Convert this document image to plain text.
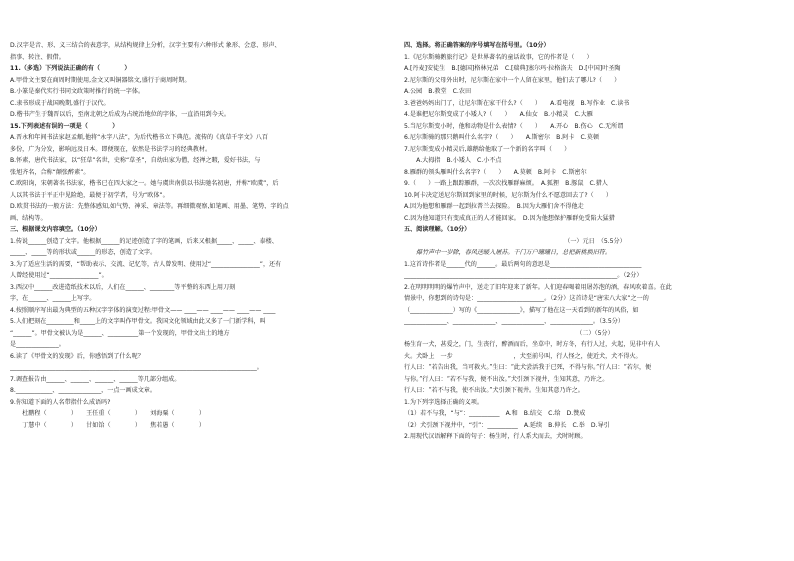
D.汉字是音、形、义三结合的表意字，从结构规律上分析，汉字主要有六种形式 象形、会意、形声、
指事、转注、假借。
11.（多选）下列说法正确的有（　　　　）
A.甲骨文主要在商周时期使用,金文又叫铜器铭文,盛行于商周时期。
B.小篆是秦代实行书同文政策时推行的统一字体。
C.隶书形成于战国晚期,盛行于汉代。
D.楷书产生于魏晋以后，至南北朝之后成为占统治地位的字体，一直沿用到今天。
15.下列表述有误的一项是（　　　　）
A.晋永和年间书法家赵孟頫,他将“永字八法”，为后代楷书立下典范。流传的《真草千字文》八百
多份，广为分发，影响远及日本。即便现在，依然是书法学习的经典教材。
B.怀素，唐代书法家，以“狂草”名世，史称“草圣”，自幼出家为僧，经禅之暇，爱好书法，与
张旭齐名，合称“颠张醉素”。
C.欧阳询，宋朝著名书法家，楷书已在四大家之一。她与虞世南俱以书法驰名初唐，并称“欧虞”，后
人以其书法于平正中见险绝，最便于初学者，号为“欧体”。
D.欧贯书法的一般方法：先整体感知,如气势、神采、章法等。再细微观察,如笔画、用墨、笔势、字的点
画、结构等。
三、根据课文内容填空。（10分）
1.传说______创造了文字。他根据______的足迹创造了字的笔画，后来又根据_____、_____、泰楼、
_____、_____等的形状或______的形态，创造了文字。
3.为了适应生活的需要，“帮助表示、交流、记忆等，古人曾发明、使用过“________________”，还有
人曾经使用过“________________”。
3.西汉中______改进造纸技术以后，人们在______、________等平整的东西上用刀刻
字，在______、______上写字。
4.按照顺序写出最为典型的五种汉字字体的演变过程:甲骨文—— ____—— ____—— ____—— ____
5.人们把刻在_________和_____上的文字叫作甲骨文。我国文化领域由此又多了一门新学科，叫
“______”。甲骨文被认为是______、__________第一个发现的，甲骨文出土的地方
是______________。
6.读了《甲骨文的发现》后，你感悟到了什么呢？
_________________________________________________________________________________。
7.调查报告由______、______、______、______等几部分组成。
8.____________、______________，一点一画成文章。
9.你知道下面的人名带指什么成语吗?
　　杜鹏程（　　　　）　　王任重（　　　　）　　刘海粟（　　　　）
　　丁慧中（　　　　）　　甘如饴（　　　　）　　焦若愚（　　　　）
四、选择。将正确答案的序号填写在括号里。（10分）
1.《尼尔斯骑鹅旅行记》是世界著名的童话故事，它的作者是（　　）
A.[丹麦]安徒生　B.[德国]格林兄弟　C.[瑞典]塞尔玛·拉格洛夫　D.[中国]叶圣陶
2.尼尔斯的父母外出时，尼尔斯在家中一个人留在家里，他们去了哪儿?（　　）
A.公园　B.教堂　C.农田
3.爸爸妈妈出门了，让尼尔斯在家干什么?（　　）　　A.看电视　B.写作业　C.读书
4.是谁把尼尔斯变成了小矮人?（　　）　　A.仙女　B.小精灵　C.大雁
5.当尼尔斯变小时，他和动物是什么表情?（　　）　　A.开心　B.伤心　C.无所谓
6.尼尔斯骑的那只鹅叫什么名字?（　　）　　A.斯密尔　B.阿卡　C.莫顿
7.尼尔斯变成小精灵后,雄鹅给他取了一个新的名字叫（　　）
　　A.大拇指　B.小矮人　C.小不点
8.雁群的领头雁叫什么名字?（　　）　　A.莫顿　B.阿卡　C.斯密尔
9.（　　）一路上跟踪雁群，一次次找雁群麻烦。　A.狐狸　B.豚鼠　C.猎人
10.阿卡决定送尼尔斯回到家里的时候，尼尔斯为什么不愿意回去了?（　　）
A.因为他想和雁群一起到拉普兰去探险。　B.因为大雁们舍不得他走
C.因为他知道只有变成真正的人才能回家。　D.因为他想保护雁群免受陷大猛猎
五、阅读理解。（10分）
（一）元日　（5.5分）
爆竹声中一岁除，春风送暖入屠苏。千门万户曈曈日，总把新桃换旧符。
1.这首诗作者是______代的______。最后两句的意思是______________________________
______________________________________________________________________。（2分）
2.在明明明明的爆竹声中，送走了旧年迎来了新年。人们迎春喝着用屠苏泡的酒，春风吹着喜。在此
情景中，你想到的诗句是：______________________。（2分）这首诗是“唐宋八大家”之一的
（______________）写的《______________》，描写了他在这一天看到的新年的风俗，如
______________、______________、______________、______________。（3.5分）
（二）（5分）
杨生育一犬，甚爱之，门，生丧行，醉酒而后，坐草中，时方冬，有行人过，火起，见非中有人
火。犬卧上　一步　　　　　　　　　　，犬至前号叫，行人怪之，使近犬，犬不得火。
行人曰：“若告出我，当可救火。”生曰：“此犬尝活我于已死，不得与你。”行人曰：“若尔，便
与你。”行人曰：“若不与我，便不出汝。”犬引颈下视井，生知其意，乃许之。
行人曰：“若不与我，使不出汝。”犬引颈下视井。生知其意乃许之。
1.为下列字选择正确的义项。
（1）若不与我，“与”：__________　A.和　B.结交　C.给　D.赞成
（2）犬引颈下视井中，“引”：__________　A.延续　B.伸长　C.举　D.导引
2.用现代汉语解释下面的句子：杨生时，行人系犬而去，犬时时顾。
